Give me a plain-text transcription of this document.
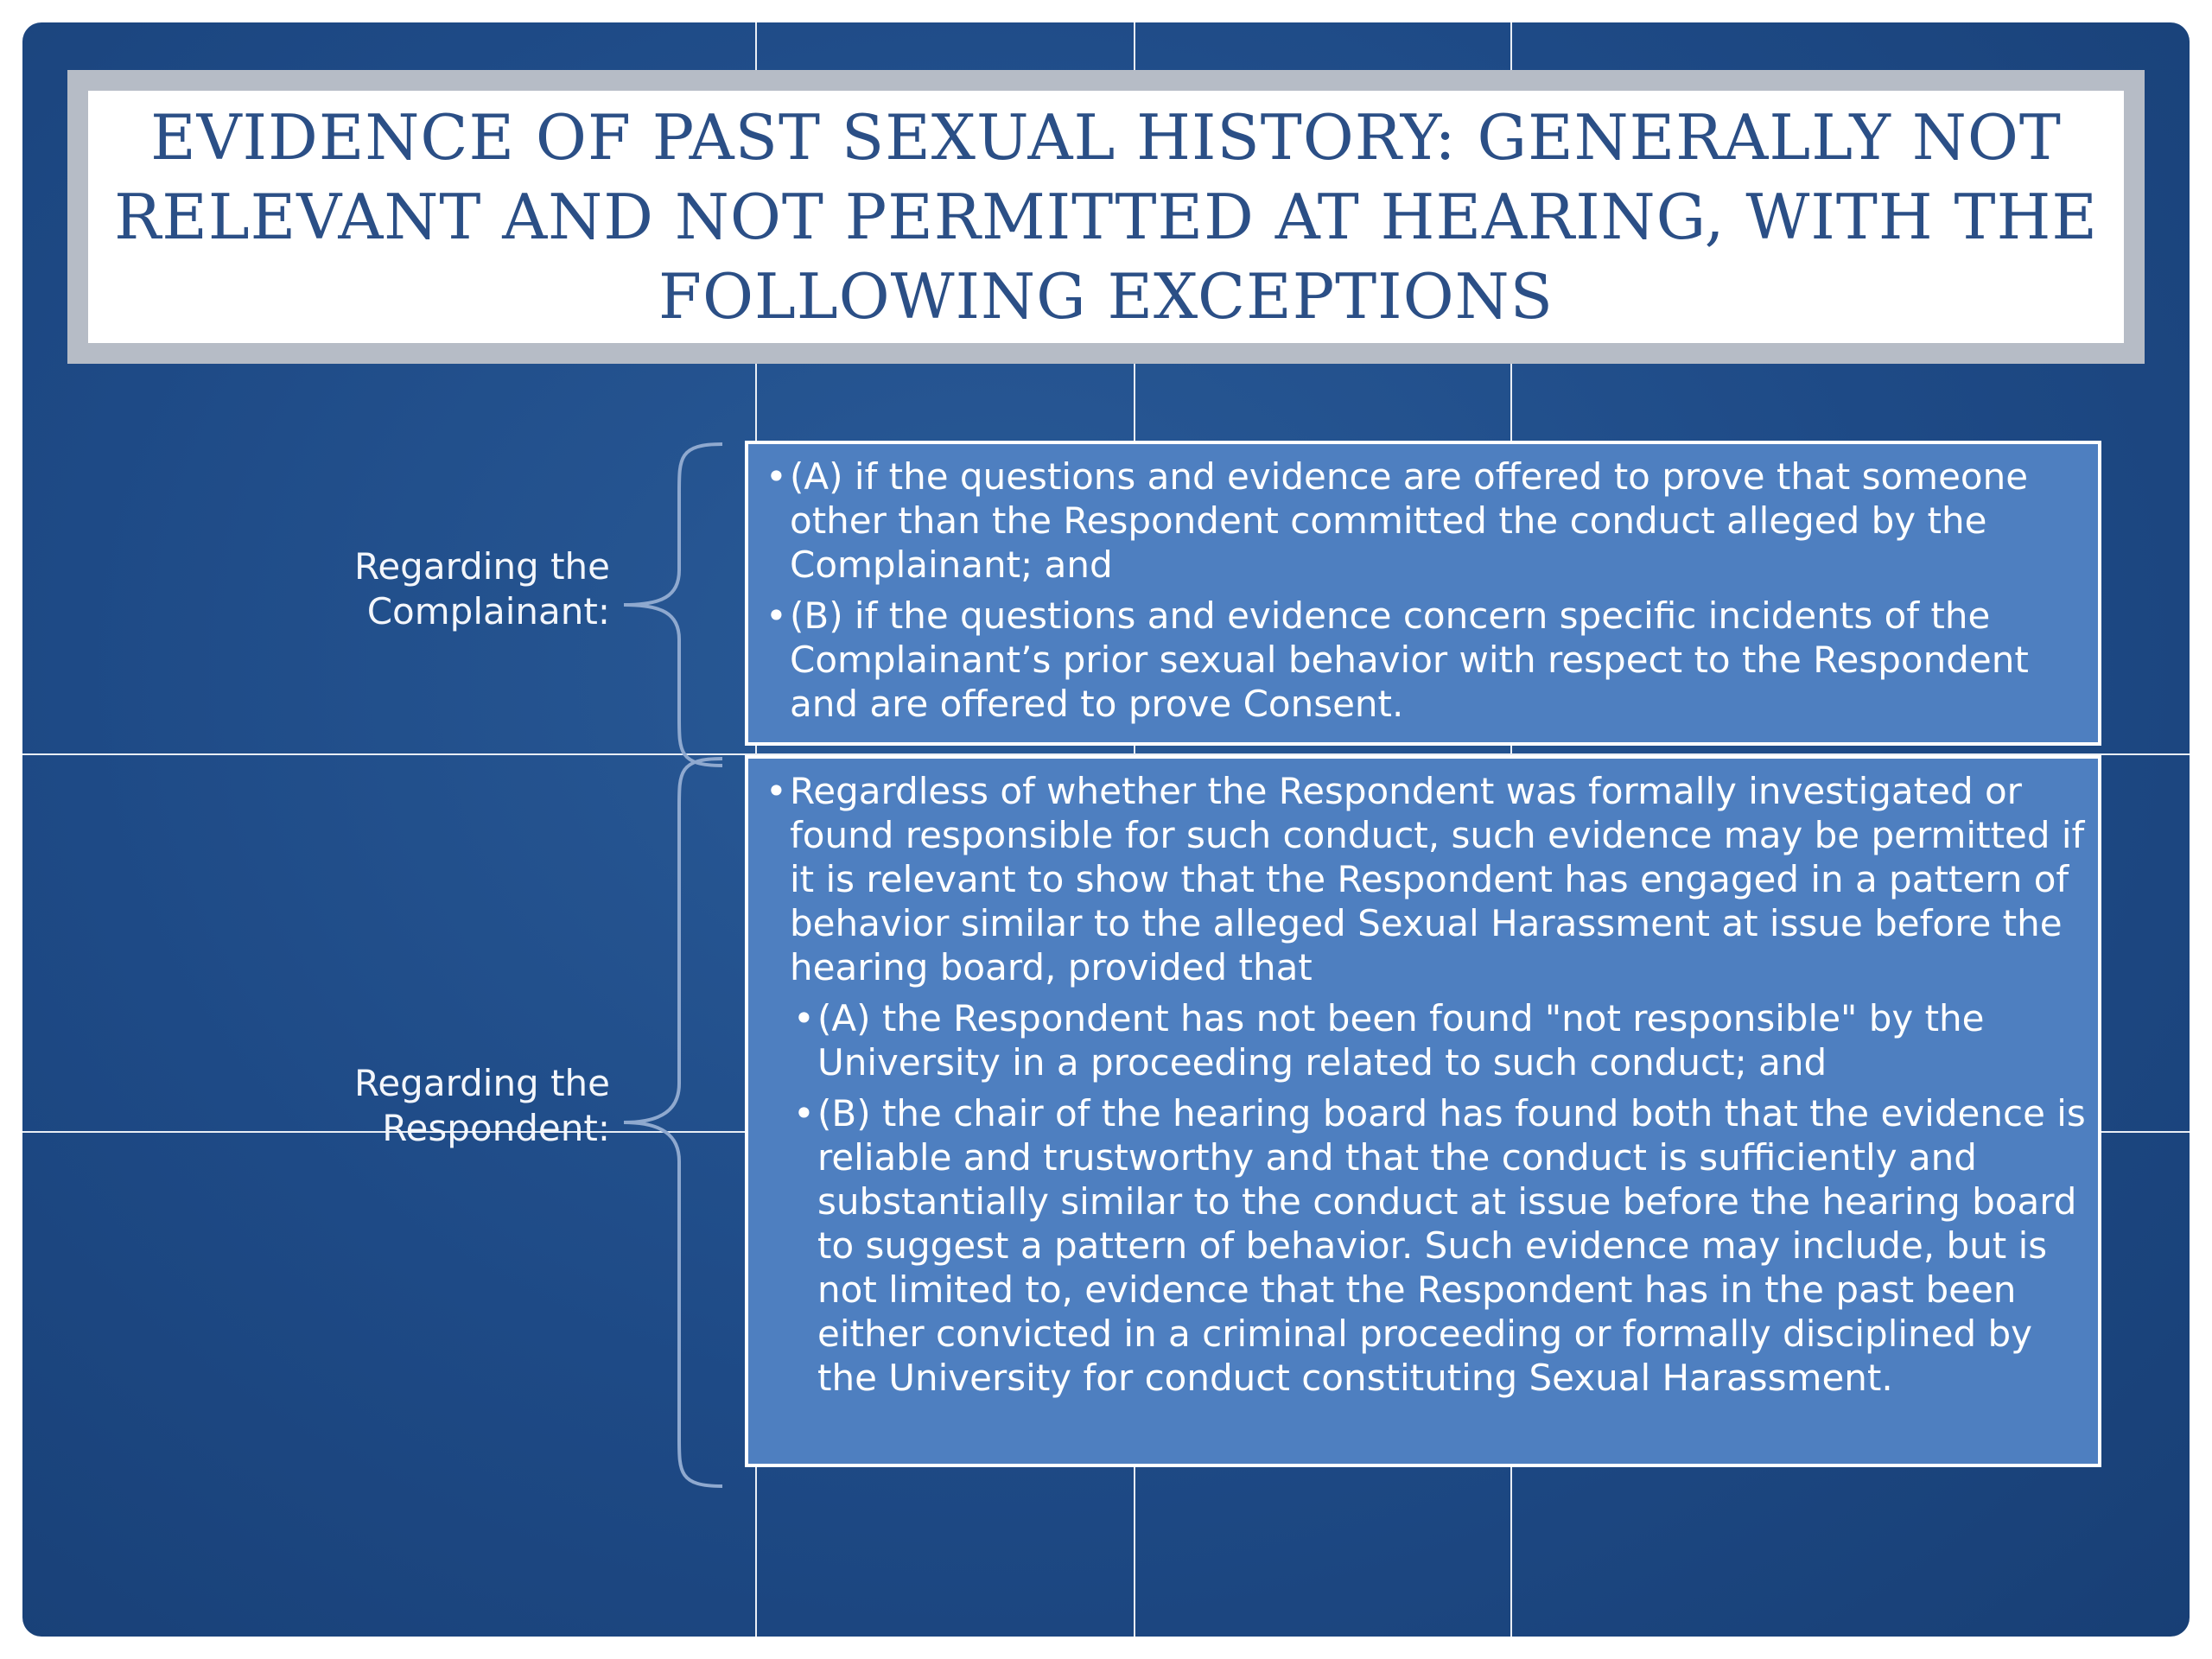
EVIDENCE OF PAST SEXUAL HISTORY: GENERALLY NOT RELEVANT AND NOT PERMITTED AT HEARING, WITH THE FOLLOWING EXCEPTIONS
Regarding the
Complainant:
• (A) if the questions and evidence are offered to prove that someone other than the Respondent committed the conduct alleged by the Complainant; and
• (B) if the questions and evidence concern specific incidents of the Complainant’s prior sexual behavior with respect to the Respondent and are offered to prove Consent.
Regarding the
Respondent:
• Regardless of whether the Respondent was formally investigated or found responsible for such conduct, such evidence may be permitted if it is relevant to show that the Respondent has engaged in a pattern of behavior similar to the alleged Sexual Harassment at issue before the hearing board, provided that
• (A) the Respondent has not been found "not responsible" by the University in a proceeding related to such conduct; and
• (B) the chair of the hearing board has found both that the evidence is reliable and trustworthy and that the conduct is sufficiently and substantially similar to the conduct at issue before the hearing board to suggest a pattern of behavior. Such evidence may include, but is not limited to, evidence that the Respondent has in the past been either convicted in a criminal proceeding or formally disciplined by the University for conduct constituting Sexual Harassment.
